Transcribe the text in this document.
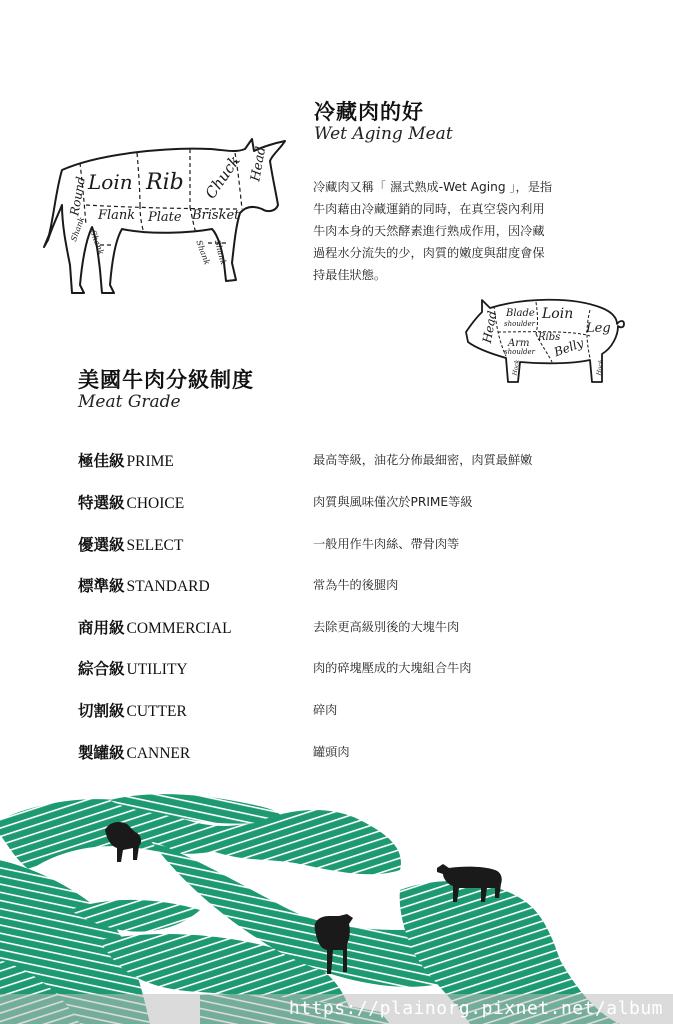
冷藏肉的好
Wet Aging Meat
冷藏肉又稱「 濕式熟成-Wet Aging 」，是指
牛肉藉由冷藏運銷的同時，在真空袋內利用
牛肉本身的天然酵素進行熟成作用，因冷藏
過程水分流失的少，肉質的嫩度與甜度會保
持最佳狀態。
Loin Rib Chuck Head
Round Flank Plate Brisket
Shank Shank	Shank Shank
Head Blade
shoulder
Loin
Leg
Ribs
Arm
shoulder Belly
Hock	Hock
美國牛肉分級制度
Meat Grade
極佳級 PRIME	最高等級，油花分佈最細密，肉質最鮮嫩
特選級 CHOICE	肉質與風味僅次於PRIME等級
優選級 SELECT	一般用作牛肉絲、帶骨肉等
標準級 STANDARD	常為牛的後腿肉
商用級 COMMERCIAL	去除更高級別後的大塊牛肉
綜合級 UTILITY	肉的碎塊壓成的大塊組合牛肉
切割級 CUTTER	碎肉
製罐級 CANNER	罐頭肉
https://plainorg.pixnet.net/album
